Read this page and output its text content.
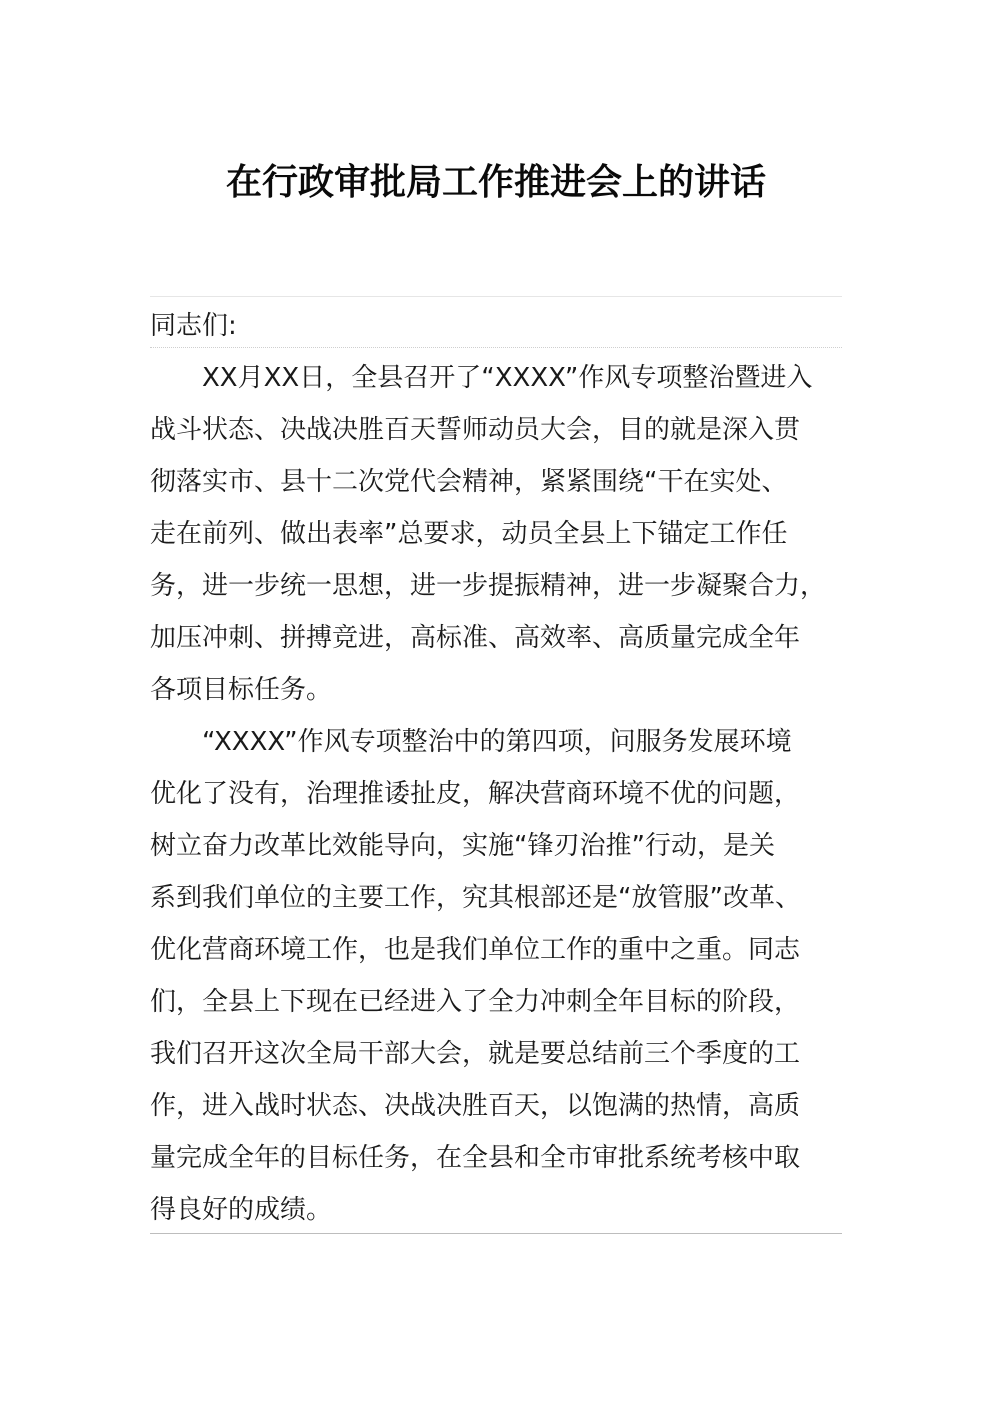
在行政审批局工作推进会上的讲话
同志们:

XX月XX日，全县召开了“XXXX”作风专项整治暨进入
战斗状态、决战决胜百天誓师动员大会，目的就是深入贯
彻落实市、县十二次党代会精神，紧紧围绕“干在实处、
走在前列、做出表率”总要求，动员全县上下锚定工作任
务，进一步统一思想，进一步提振精神，进一步凝聚合力，
加压冲刺、拼搏竞进，高标准、高效率、高质量完成全年
各项目标任务。

“XXXX”作风专项整治中的第四项，问服务发展环境
优化了没有，治理推诿扯皮，解决营商环境不优的问题，
树立奋力改革比效能导向，实施“锋刃治推”行动，是关
系到我们单位的主要工作，究其根部还是“放管服”改革、
优化营商环境工作，也是我们单位工作的重中之重。同志
们，全县上下现在已经进入了全力冲刺全年目标的阶段，
我们召开这次全局干部大会，就是要总结前三个季度的工
作，进入战时状态、决战决胜百天，以饱满的热情，高质
量完成全年的目标任务，在全县和全市审批系统考核中取
得良好的成绩。
